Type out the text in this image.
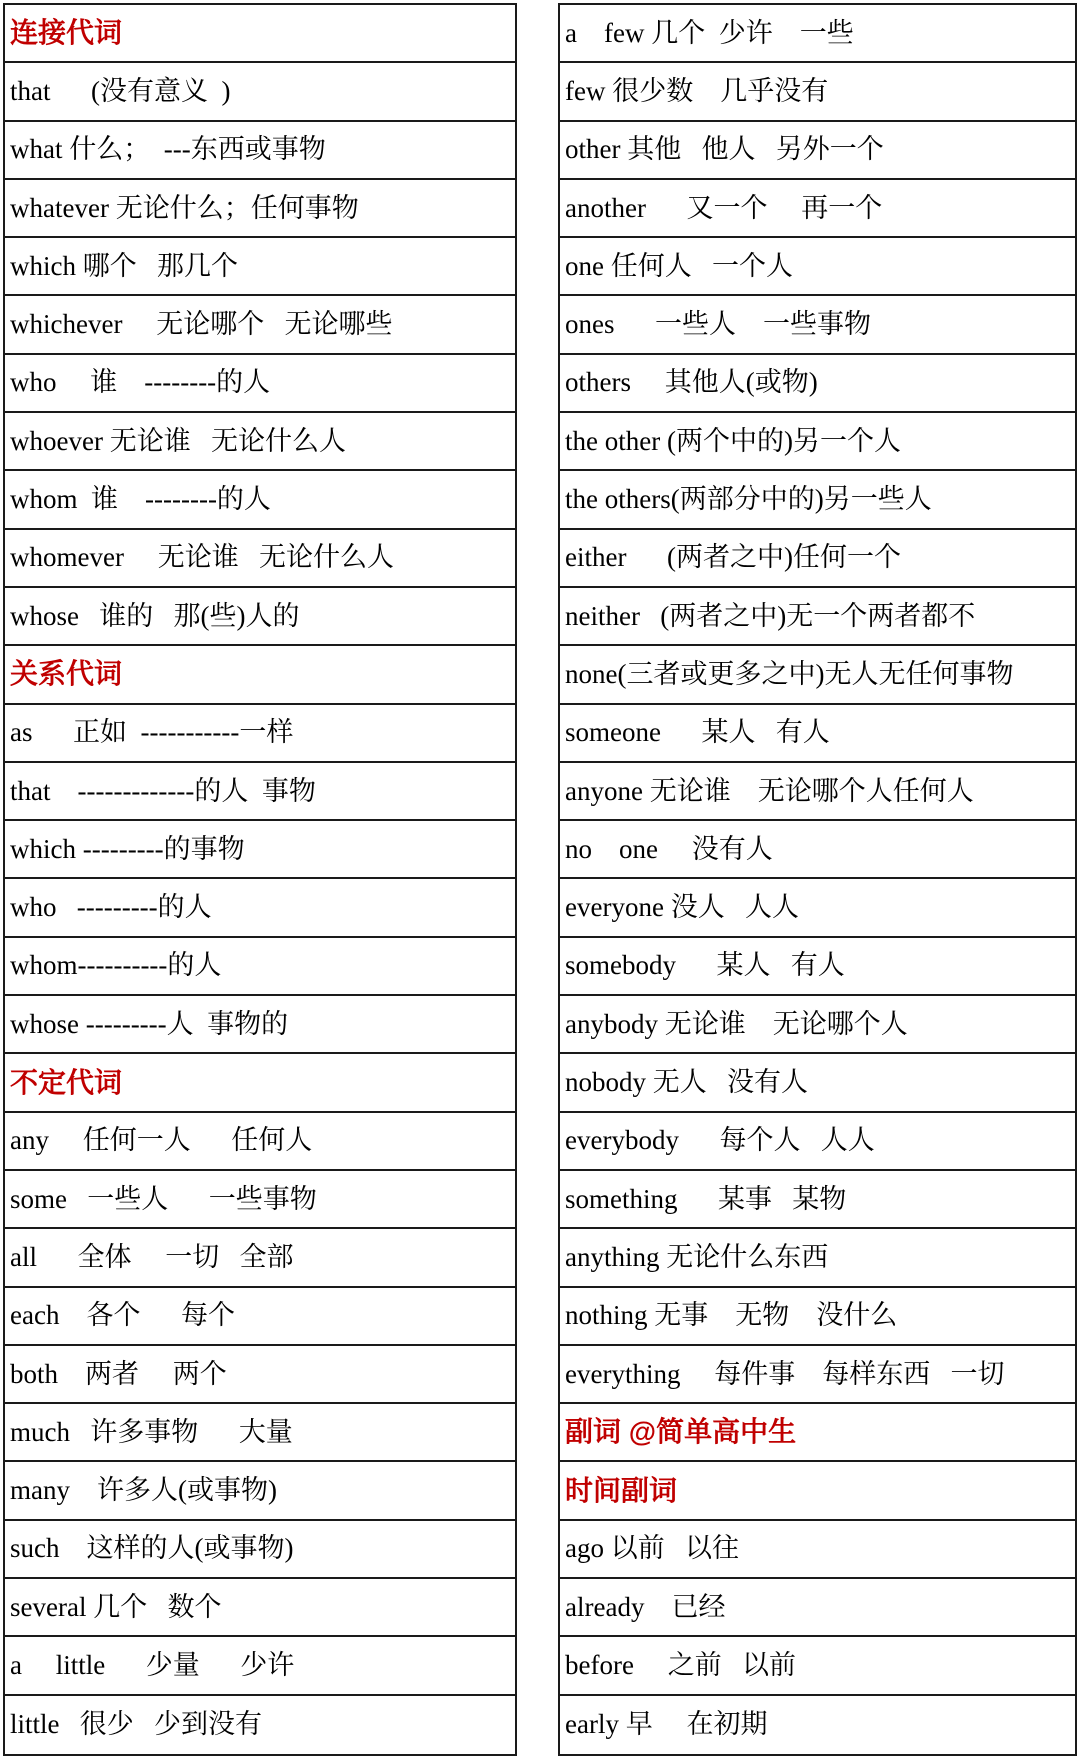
连接代词
that      (没有意义  )
what 什么；  ---东西或事物
whatever 无论什么；任何事物
which 哪个   那几个
whichever     无论哪个   无论哪些
who     谁    --------的人
whoever 无论谁   无论什么人
whom  谁    --------的人
whomever     无论谁   无论什么人
whose   谁的   那(些)人的
关系代词
as      正如  -----------一样
that    -------------的人  事物
which ---------的事物
who   ---------的人
whom----------的人
whose ---------人  事物的
不定代词
any     任何一人      任何人
some   一些人      一些事物
all      全体     一切   全部
each    各个      每个
both    两者     两个
much   许多事物      大量
many    许多人(或事物)
such    这样的人(或事物)
several 几个   数个
a     little      少量      少许
little   很少   少到没有
a    few 几个  少许    一些
few 很少数    几乎没有
other 其他   他人   另外一个
another      又一个     再一个
one 任何人   一个人
ones      一些人    一些事物
others     其他人(或物)
the other (两个中的)另一个人
the others(两部分中的)另一些人
either      (两者之中)任何一个
neither   (两者之中)无一个两者都不
none(三者或更多之中)无人无任何事物
someone      某人   有人
anyone 无论谁    无论哪个人任何人
no    one     没有人
everyone 没人   人人
somebody      某人   有人
anybody 无论谁    无论哪个人
nobody 无人   没有人
everybody      每个人   人人
something      某事   某物
anything 无论什么东西
nothing 无事    无物    没什么
everything     每件事    每样东西   一切
副词 @简单高中生
时间副词
ago 以前   以往
already    已经
before     之前   以前
early 早     在初期
